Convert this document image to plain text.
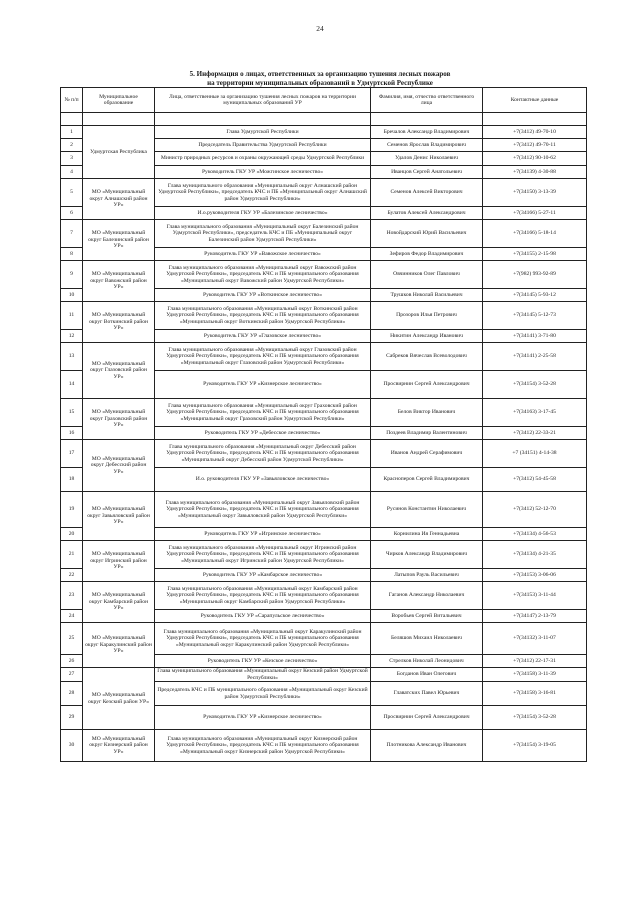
24
5. Информация о лицах, ответственных за организацию тушения лесных пожаров
на территории муниципальных образований в Удмуртской Республике
№ п/п	Муниципальное образование	Лица, ответственные за организацию тушения лесных пожаров на территории муниципальных образований УР	Фамилия, имя, отчество ответственного лица	Контактные данные

1	Удмуртская Республика	Глава Удмуртской Республики	Бречалов Александр Владимирович	+7(3412) 49-70-10
2		Председатель Правительства Удмуртской Республики	Семенов Ярослав Владимирович	+7(3412) 49-70-11
3		Министр природных ресурсов и охраны окружающей среды Удмуртской Республики	Удалов Денис Николаевич	+7(3412) 90-10-62
4		Руководитель ГКУ УР «Можгинское лесничество»	Иванцов Сергей Анатольевич	+7(34139) 4-30-88
5	МО «Муниципальный округ Алнашский район УР»	Глава муниципального образования «Муниципальный округ Алнашский район Удмуртской Республики», председатель КЧС и ПБ «Муниципальный округ Алнашский район Удмуртской Республики»	Семенов Алексей Викторович	+7(34150) 3-13-39
6		И.о.руководителя ГКУ УР «Балезинское лесничество»	Булатов Алексей Александрович	+7(34166) 5-27-11
7	МО «Муниципальный округ Балезинский район УР»	Глава муниципального образования «Муниципальный округ Балезинский район Удмуртской Республики», председатель КЧС и ПБ «Муниципальный округ Балезинский район Удмуртской Республики»	Новойдарский Юрий Васильевич	+7(34166) 5-18-14
8		Руководитель ГКУ УР «Вавожское лесничество»	Зефиров Федор Владимирович	+7(34155) 2-15-98
9	МО «Муниципальный округ Вавожский район УР»	Глава муниципального образования «Муниципальный округ Вавожский район Удмуртской Республики», председатель КЧС и ПБ муниципального образования «Муниципальный округ Вавожский район Удмуртской Республики»	Овчинников Олег Павлович	+7(982) 993-92-89
10		Руководитель ГКУ УР «Воткинское лесничество»	Трушков Николай Васильевич	+7(34145) 5-93-12
11	МО «Муниципальный округ Воткинский район УР»	Глава муниципального образования «Муниципальный округ Воткинский район Удмуртской Республики», председатель КЧС и ПБ муниципального образования «Муниципальный округ Воткинский район Удмуртской Республики»	Прозоров Илья Петрович	+7(34145) 5-12-73
12		Руководитель ГКУ УР «Глазовское лесничество»	Никитин Александр Иванович	+7(34141) 3-71-80
13	МО «Муниципальный округ Глазовский район УР»	Глава муниципального образования «Муниципальный округ Глазовский район Удмуртской Республики», председатель КЧС и ПБ муниципального образования «Муниципальный округ Глазовский район Удмуртской Республики»	Сабреков Вячеслав Всеволодович	+7(34141) 2-25-58
14		Руководитель ГКУ УР «Кизнерское лесничество»	Просвирнин Сергей Александрович	+7(34154) 3-52-28
15	МО «Муниципальный округ Граховский район УР»	Глава муниципального образования «Муниципальный округ Граховский район Удмуртской Республики», председатель КЧС и ПБ муниципального образования «Муниципальный округ Граховский район Удмуртской Республики»	Белов Виктор Иванович	+7(34163) 3-17-45
16		Руководитель ГКУ УР «Дебесское лесничество»	Поздеев Владимир Валентинович	+7(3412) 22-33-21
17	МО «Муниципальный округ Дебесский район УР»	Глава муниципального образования «Муниципальный округ Дебесский район Удмуртской Республики», председатель КЧС и ПБ муниципального образования «Муниципальный округ Дебесский район Удмуртской Республики»	Иванов Андрей Серафимович	+7 (34151) 4-14-38
18		И.о. руководителя ГКУ УР «Завьяловское лесничество»	Красноперов Сергей Владимирович	+7(3412) 54-45-58
19	МО «Муниципальный округ Завьяловский район УР»	Глава муниципального образования «Муниципальный округ Завьяловский район Удмуртской Республики», председатель КЧС и ПБ муниципального образования «Муниципальный округ Завьяловский район Удмуртской Республики»	Русинов Константин Николаевич	+7(3412) 52-12-70
20		Руководитель ГКУ УР «Игринское лесничество»	Корнилина Ия Геннадьевна	+7(34134) 4-56-53
21	МО «Муниципальный округ Игринский район УР»	Глава муниципального образования «Муниципальный округ Игринский район Удмуртской Республики», председатель КЧС и ПБ муниципального образования «Муниципальный округ Игринский район Удмуртской Республики»	Чирков Александр Владимирович	+7(34134) 4-21-35
22		Руководитель ГКУ УР «Камбарское лесничество»	Латыпов Рауль Васильевич	+7(34153) 3-06-06
23	МО «Муниципальный округ Камбарский район УР»	Глава муниципального образования «Муниципальный округ Камбарский район Удмуртской Республики», председатель КЧС и ПБ муниципального образования «Муниципальный округ Камбарский район Удмуртской Республики»	Гаганов Александр Николаевич	+7(34153) 3-11-44
24		Руководитель ГКУ УР «Сарапульское лесничество»	Воробьев Сергей Витальевич	+7(34147) 2-13-79
25	МО «Муниципальный округ Каракулинский район УР»	Глава муниципального образования «Муниципальный округ Каракулинский район Удмуртской Республики», председатель КЧС и ПБ муниципального образования «Муниципальный округ Каракулинский район Удмуртской Республики»	Беляшов Михаил Николаевич	+7(34132) 3-11-07
26		Руководитель ГКУ УР «Кезское лесничество»	Стрелков Николай Леонидович	+7(3412) 22-17-31
27	МО «Муниципальный округ Кезский район УР»	Глава муниципального образования «Муниципальный округ Кезский район Удмуртской Республики»	Богданов Иван Олегович	+7(34158) 3-11-39
28		Председатель КЧС и ПБ муниципального образования «Муниципальный округ Кезский район Удмуртской Республики»	Главатских Павел Юрьевич	+7(34158) 3-16-81
29		Руководитель ГКУ УР «Кизнерское лесничество»	Просвирнин Сергей Александрович	+7(34154) 3-52-28
30	МО «Муниципальный округ Кизнерский район УР»	Глава муниципального образования «Муниципальный округ Кизнерский район Удмуртской Республики», председатель КЧС и ПБ муниципального образования «Муниципальный округ Кизнерский район Удмуртской Республики»	Плотникова Александр Иванович	+7(34154) 3-19-05
